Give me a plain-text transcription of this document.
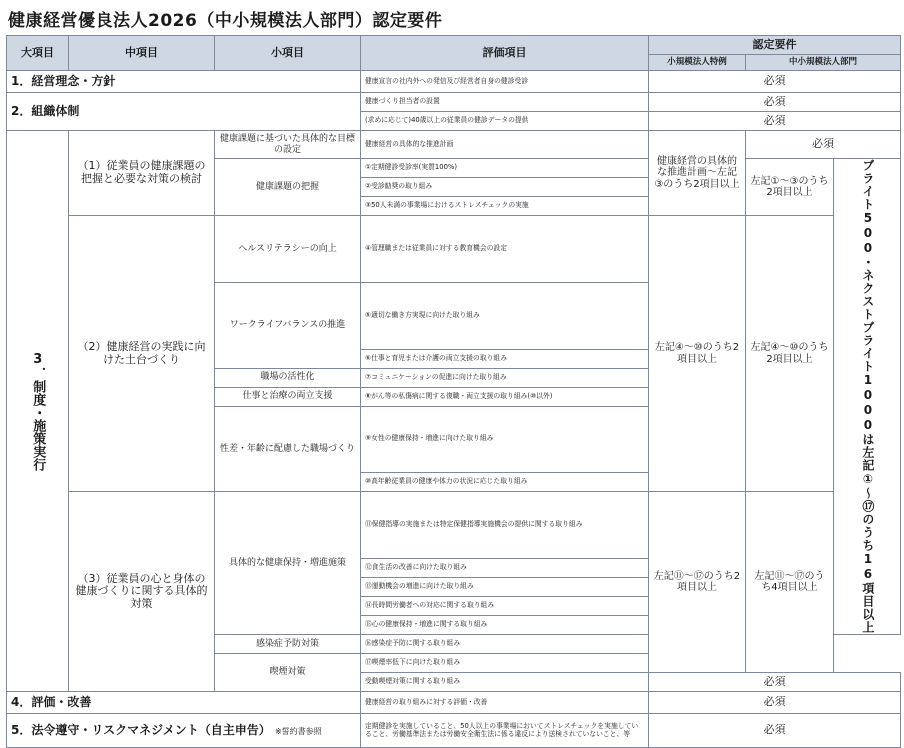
健康経営優良法人2026（中小規模法人部門）認定要件
大項目	中項目	小項目	評価項目	認定要件		
				小規模法人特例	中小規模法人部門	
1．経営理念・方針			健康宣言の社内外への発信及び経営者自身の健診受診	必須		
2．組織体制			健康づくり担当者の設置	必須		
			(求めに応じて)40歳以上の従業員の健診データの提供	必須		

3．制度・施策実行	（1）従業員の健康課題の把握と必要な対策の検討	健康課題に基づいた具体的な目標の設定	健康経営の具体的な推進計画	健康経営の具体的な推進計画～左記③のうち2項目以上	必須	
		健康課題の把握	①定期健診受診率(実質100%)		左記①～③のうち2項目以上	ブライト500・ネクストブライト1000は左記①～⑰のうち16項目以上

			②受診勧奨の取り組み			
			③50人未満の事業場におけるストレスチェックの実施			
	（2）健康経営の実践に向けた土台づくり	ヘルスリテラシーの向上	④管理職または従業員に対する教育機会の設定	左記④～⑩のうち2項目以上	左記④～⑩のうち2項目以上	
		ワークライフバランスの推進	⑤適切な働き方実現に向けた取り組み			
			⑥仕事と育児または介護の両立支援の取り組み			
		職場の活性化	⑦コミュニケーションの促進に向けた取り組み			
		仕事と治療の両立支援	⑧がん等の私傷病に関する復職・両立支援の取り組み(⑩以外)			
		性差・年齢に配慮した職場づくり	⑨女性の健康保持・増進に向けた取り組み			
			⑩高年齢従業員の健康や体力の状況に応じた取り組み			
	（3）従業員の心と身体の健康づくりに関する具体的対策	具体的な健康保持・増進施策	⑪保健指導の実施または特定保健指導実施機会の提供に関する取り組み	左記⑪～⑰のうち2項目以上	左記⑪～⑰のうち4項目以上	
			⑫食生活の改善に向けた取り組み			
			⑬運動機会の増進に向けた取り組み			
			⑭長時間労働者への対応に関する取り組み			
			⑮心の健康保持・増進に関する取り組み			
		感染症予防対策	⑯感染症予防に関する取り組み			
		喫煙対策	⑰喫煙率低下に向けた取り組み			
			受動喫煙対策に関する取り組み	必須		
4．評価・改善			健康経営の取り組みに対する評価・改善	必須		
5．法令遵守・リスクマネジメント（自主申告） ※誓約書参照			定期健診を実施していること、50人以上の事業場においてストレスチェックを実施していること、労働基準法または労働安全衛生法に係る違反により送検されていないこと、等	必須		
